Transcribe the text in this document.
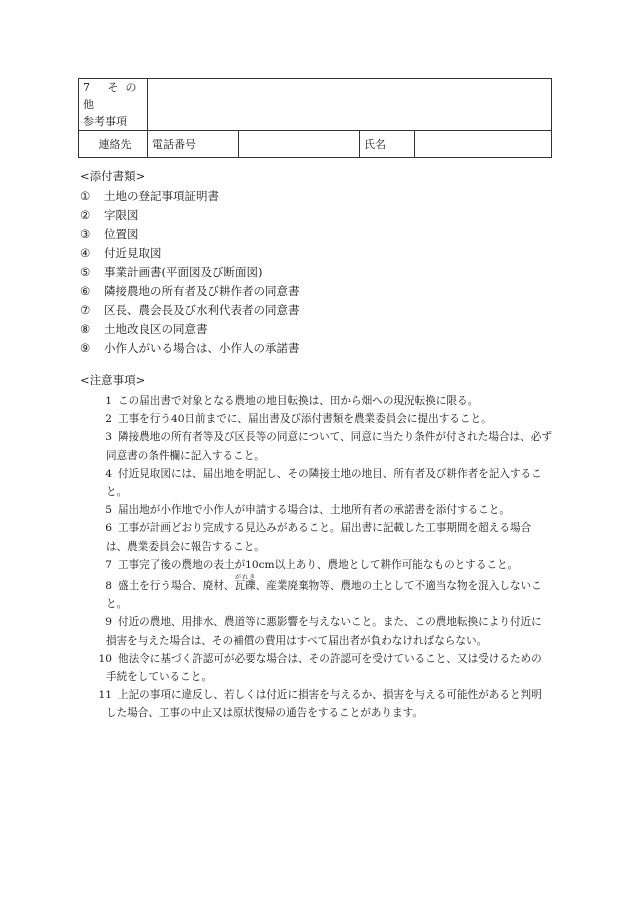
7 その他
参考事項				

連絡先	電話番号		氏名	
<添付書類>
① 土地の登記事項証明書
② 字限図
③ 位置図
④ 付近見取図
⑤ 事業計画書(平面図及び断面図)
⑥ 隣接農地の所有者及び耕作者の同意書
⑦ 区長、農会長及び水利代表者の同意書
⑧ 土地改良区の同意書
⑨ 小作人がいる場合は、小作人の承諾書
<注意事項>
1 この届出書で対象となる農地の地目転換は、田から畑への現況転換に限る。
2 工事を行う40日前までに、届出書及び添付書類を農業委員会に提出すること。
3 隣接農地の所有者等及び区長等の同意について、同意に当たり条件が付された場合は、必ず同意書の条件欄に記入すること。
4 付近見取図には、届出地を明記し、その隣接土地の地目、所有者及び耕作者を記入すること。
5 届出地が小作地で小作人が申請する場合は、土地所有者の承諾書を添付すること。
6 工事が計画どおり完成する見込みがあること。届出書に記載した工事期間を超える場合は、農業委員会に報告すること。
7 工事完了後の農地の表土が10cm以上あり、農地として耕作可能なものとすること。
8 盛土を行う場合、廃材、瓦礫がれき、産業廃棄物等、農地の土として不適当な物を混入しないこと。
9 付近の農地、用排水、農道等に悪影響を与えないこと。また、この農地転換により付近に損害を与えた場合は、その補償の費用はすべて届出者が負わなければならない。
10 他法令に基づく許認可が必要な場合は、その許認可を受けていること、又は受けるための手続をしていること。
11 上記の事項に違反し、若しくは付近に損害を与えるか、損害を与える可能性があると判明した場合、工事の中止又は原状復帰の通告をすることがあります。
